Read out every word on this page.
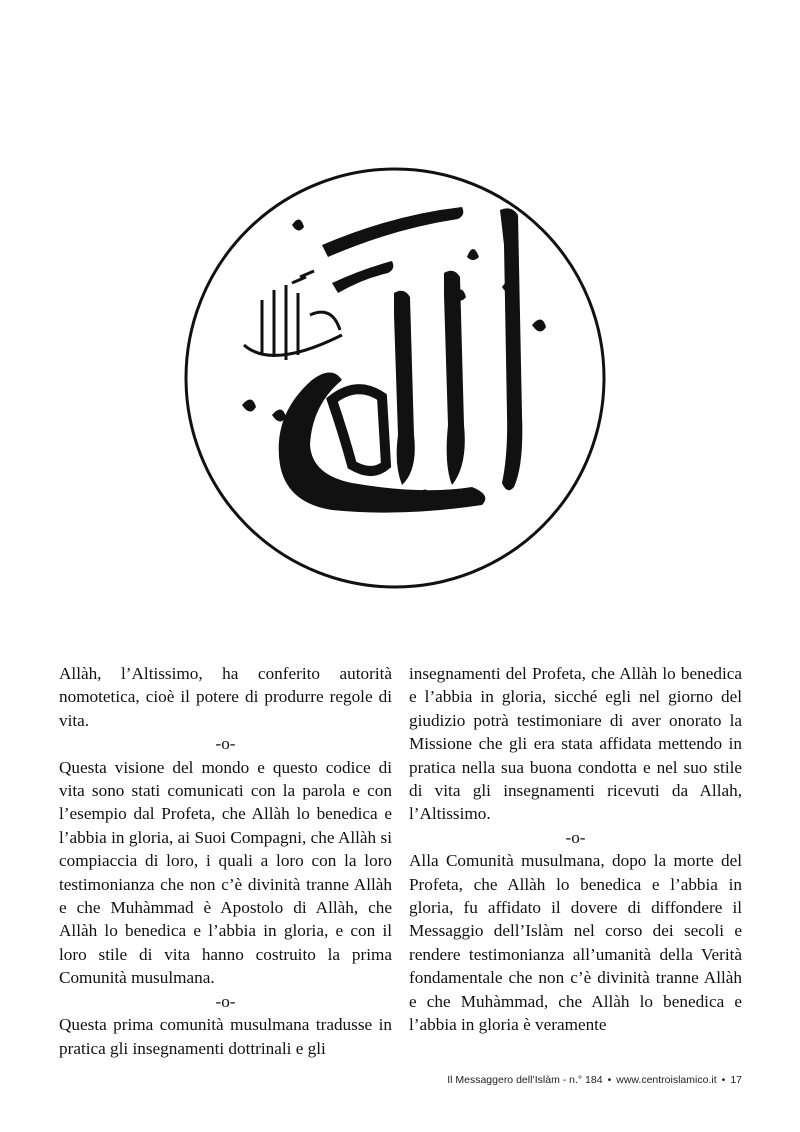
Allàh, l’Altissimo, ha conferito autorità nomotetica, cioè il potere di produrre regole di vita.

-o-

Questa visione del mondo e questo codice di vita sono stati comunicati con la parola e con l’esempio dal Profeta, che Allàh lo benedica e l’abbia in gloria, ai Suoi Compagni, che Allàh si compiaccia di loro, i quali a loro con la loro testimonianza che non c’è divinità tranne Allàh e che Muhàmmad è Apostolo di Allàh, che Allàh lo benedica e l’abbia in gloria, e con il loro stile di vita hanno costruito la prima Comunità musulmana.

-o-

Questa prima comunità musulmana tradusse in pratica gli insegnamenti dottrinali e gli

insegnamenti del Profeta, che Allàh lo benedica e l’abbia in gloria, sicché egli nel giorno del giudizio potrà testimoniare di aver onorato la Missione che gli era stata affidata mettendo in pratica nella sua buona condotta e nel suo stile di vita gli insegnamenti ricevuti da Allah, l’Altissimo.

-o-

Alla Comunità musulmana, dopo la morte del Profeta, che Allàh lo benedica e l’abbia in gloria, fu affidato il dovere di diffondere il Messaggio dell’Islàm nel corso dei secoli e rendere testimonianza all’umanità della Verità fondamentale che non c’è divinità tranne Allàh e che Muhàmmad, che Allàh lo benedica e l’abbia in gloria è veramente

Il Messaggero dell’Islàm - n.° 184 • www.centroislamico.it • 17
